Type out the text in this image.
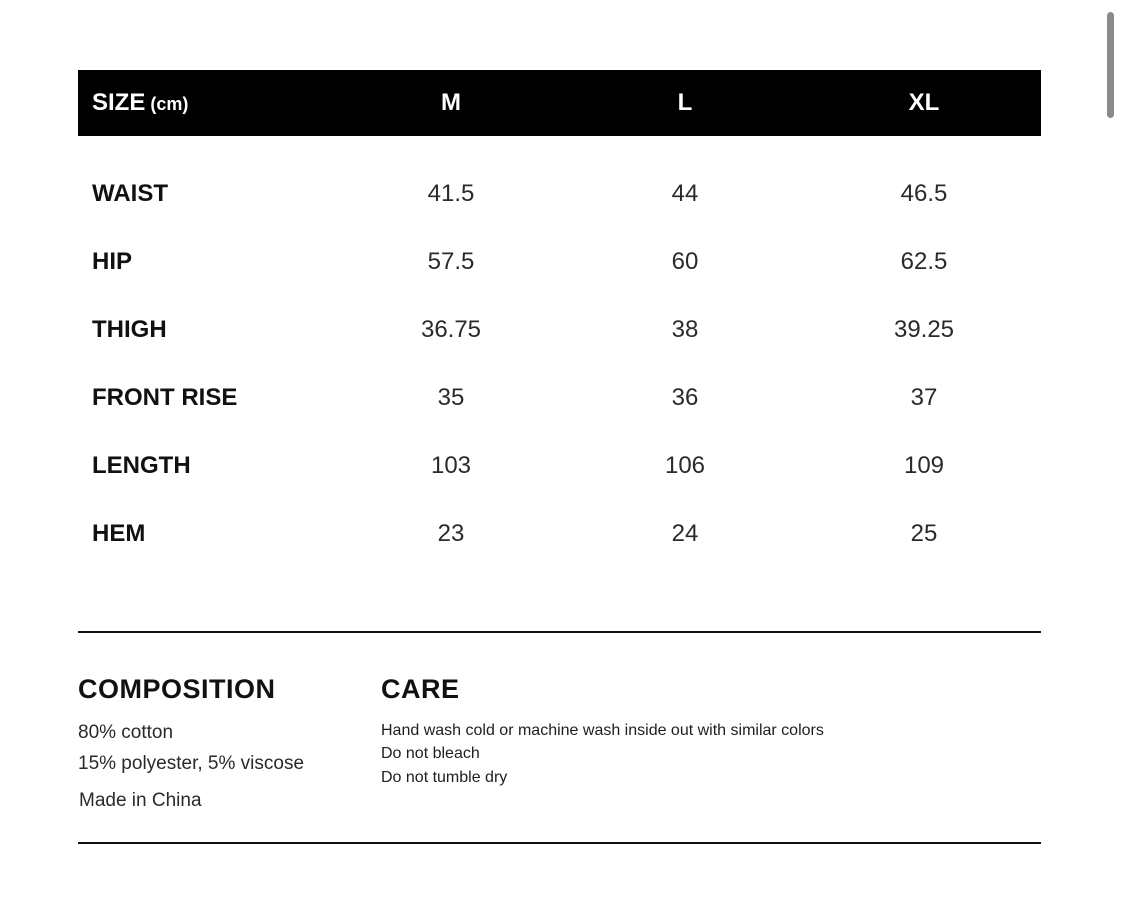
SIZE (cm)	M	L	XL
WAIST	41.5	44	46.5
HIP	57.5	60	62.5
THIGH	36.75	38	39.25
FRONT RISE	35	36	37
LENGTH	103	106	109
HEM	23	24	25
COMPOSITION
80% cotton
15% polyester, 5% viscose
Made in China
CARE
Hand wash cold or machine wash inside out with similar colors
Do not bleach
Do not tumble dry
